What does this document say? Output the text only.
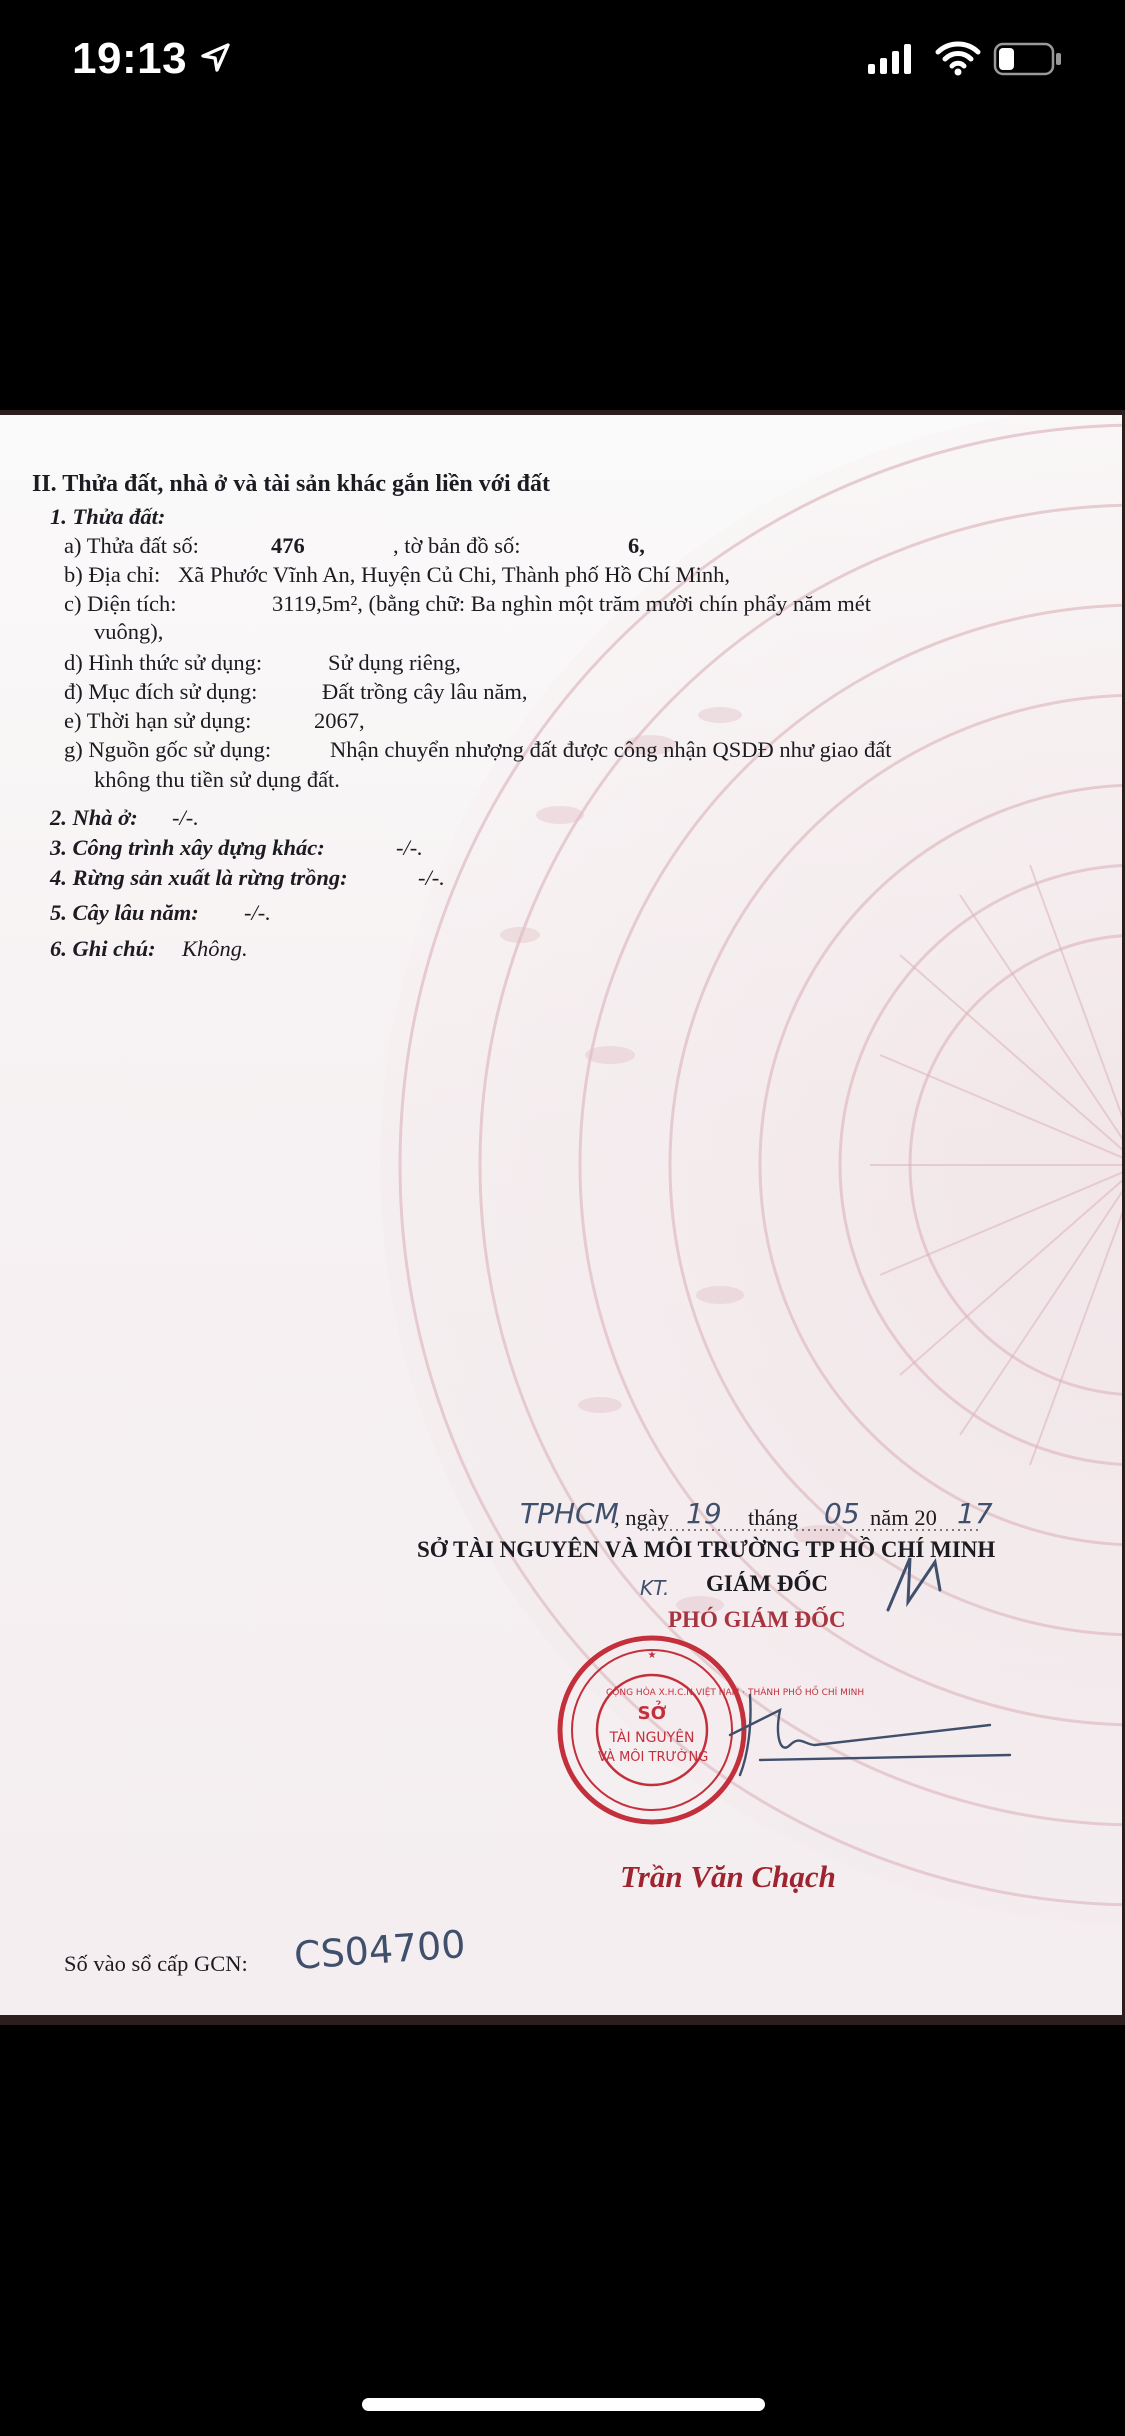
19:13
II. Thửa đất, nhà ở và tài sản khác gắn liền với đất
1. Thửa đất:
a) Thửa đất số:	476	, tờ bản đồ số:	6,
b) Địa chỉ: Xã Phước Vĩnh An, Huyện Củ Chi, Thành phố Hồ Chí Minh,
c) Diện tích:	3119,5m², (bằng chữ: Ba nghìn một trăm mười chín phẩy năm mét
vuông),
d) Hình thức sử dụng:	Sử dụng riêng,
đ) Mục đích sử dụng:	Đất trồng cây lâu năm,
e) Thời hạn sử dụng:	2067,
g) Nguồn gốc sử dụng:	Nhận chuyển nhượng đất được công nhận QSDĐ như giao đất
không thu tiền sử dụng đất.
2. Nhà ở: -/-.
3. Công trình xây dựng khác:	-/-.
4. Rừng sản xuất là rừng trồng:	-/-.
5. Cây lâu năm: -/-.
6. Ghi chú: Không.
TPHCM
, ngày 19 tháng 05 năm 20 17
SỞ TÀI NGUYÊN VÀ MÔI TRƯỜNG TP HỒ CHÍ MINH
KT. GIÁM ĐỐC
PHÓ GIÁM ĐỐC
★
CỘNG HÒA X.H.C.N VIỆT NAM · THÀNH PHỐ HỒ CHÍ MINH
SỞ
TÀI NGUYÊN
VÀ MÔI TRƯỜNG
Trần Văn Chạch
Số vào sổ cấp GCN: CS04700
